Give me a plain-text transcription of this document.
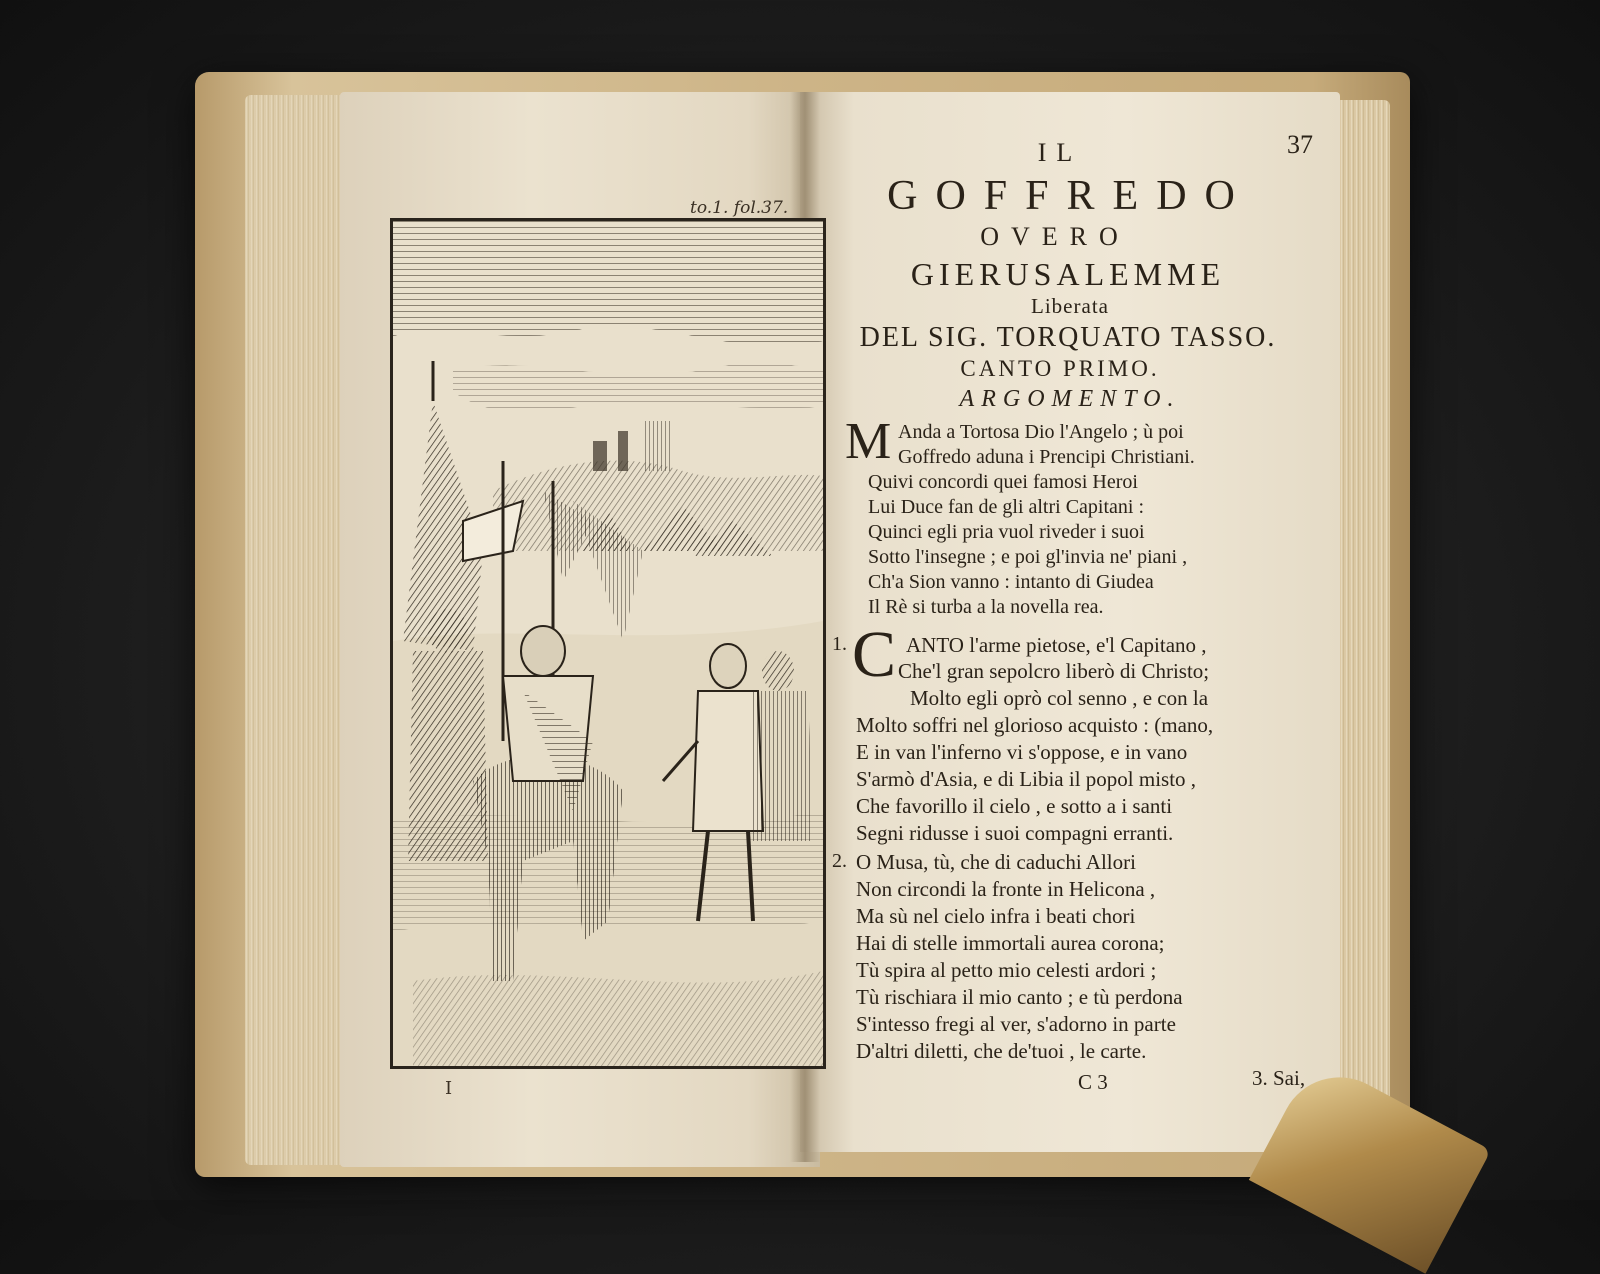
to.1. fol.37.
I
37
IL
GOFFREDO
OVERO
GIERUSALEMME
Liberata
DEL SIG. TORQUATO TASSO.
CANTO PRIMO.
ARGOMENTO.
M Anda a Tortosa Dio l'Angelo ; ù poi
Goffredo aduna i Prencipi Christiani.
Quivi concordi quei famosi Heroi
Lui Duce fan de gli altri Capitani :
Quinci egli pria vuol riveder i suoi
Sotto l'insegne ; e poi gl'invia ne' piani ,
Ch'a Sion vanno : intanto di Giudea
Il Rè si turba a la novella rea.
1. C ANTO l'arme pietose, e'l Capitano ,
Che'l gran sepolcro liberò di Christo;
Molto egli oprò col senno , e con la
Molto soffri nel glorioso acquisto : (mano,
E in van l'inferno vi s'oppose, e in vano
S'armò d'Asia, e di Libia il popol misto ,
Che favorillo il cielo , e sotto a i santi
Segni ridusse i suoi compagni erranti.
2. O Musa, tù, che di caduchi Allori
Non circondi la fronte in Helicona ,
Ma sù nel cielo infra i beati chori
Hai di stelle immortali aurea corona;
Tù spira al petto mio celesti ardori ;
Tù rischiara il mio canto ; e tù perdona
S'intesso fregi al ver, s'adorno in parte
D'altri diletti, che de'tuoi , le carte.
C 3	3. Sai,
